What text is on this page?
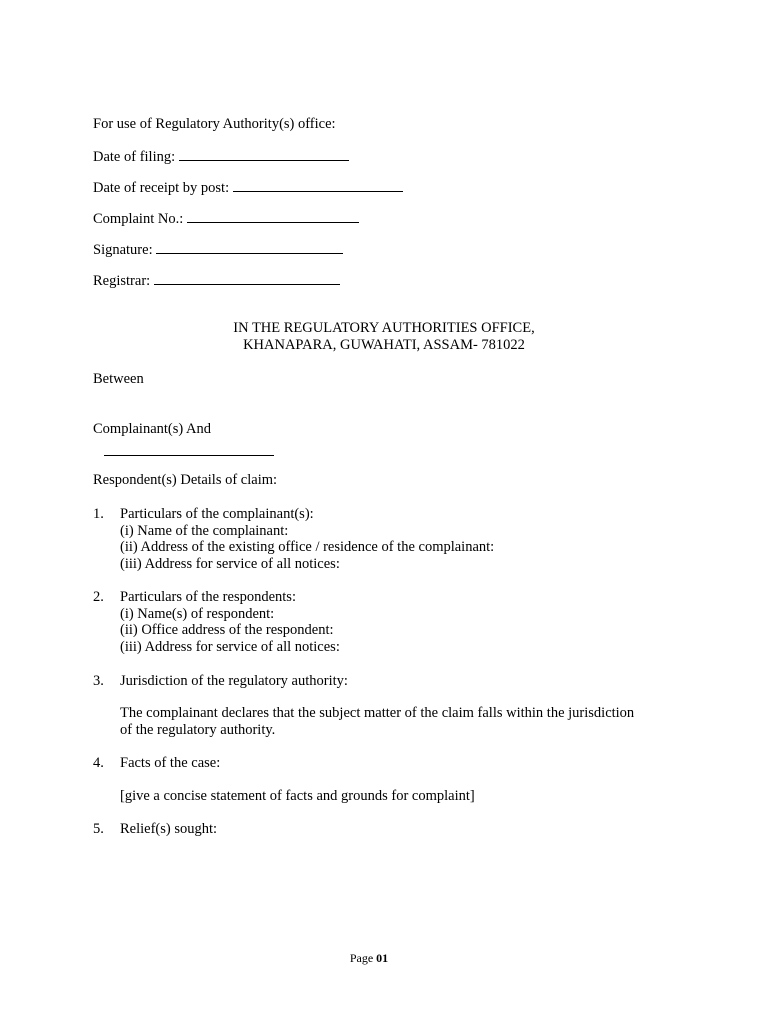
For use of Regulatory Authority(s) office:
Date of filing:
Date of receipt by post:
Complaint No.:
Signature:
Registrar:
IN THE REGULATORY AUTHORITIES OFFICE,
KHANAPARA, GUWAHATI, ASSAM- 781022
Between
Complainant(s) And
Respondent(s) Details of claim:
1. Particulars of the complainant(s):
(i) Name of the complainant:
(ii) Address of the existing office / residence of the complainant:
(iii) Address for service of all notices:
2. Particulars of the respondents:
(i) Name(s) of respondent:
(ii) Office address of the respondent:
(iii) Address for service of all notices:
3. Jurisdiction of the regulatory authority:
The complainant declares that the subject matter of the claim falls within the jurisdiction
of the regulatory authority.
4. Facts of the case:
[give a concise statement of facts and grounds for complaint]
5. Relief(s) sought:
Page 01
